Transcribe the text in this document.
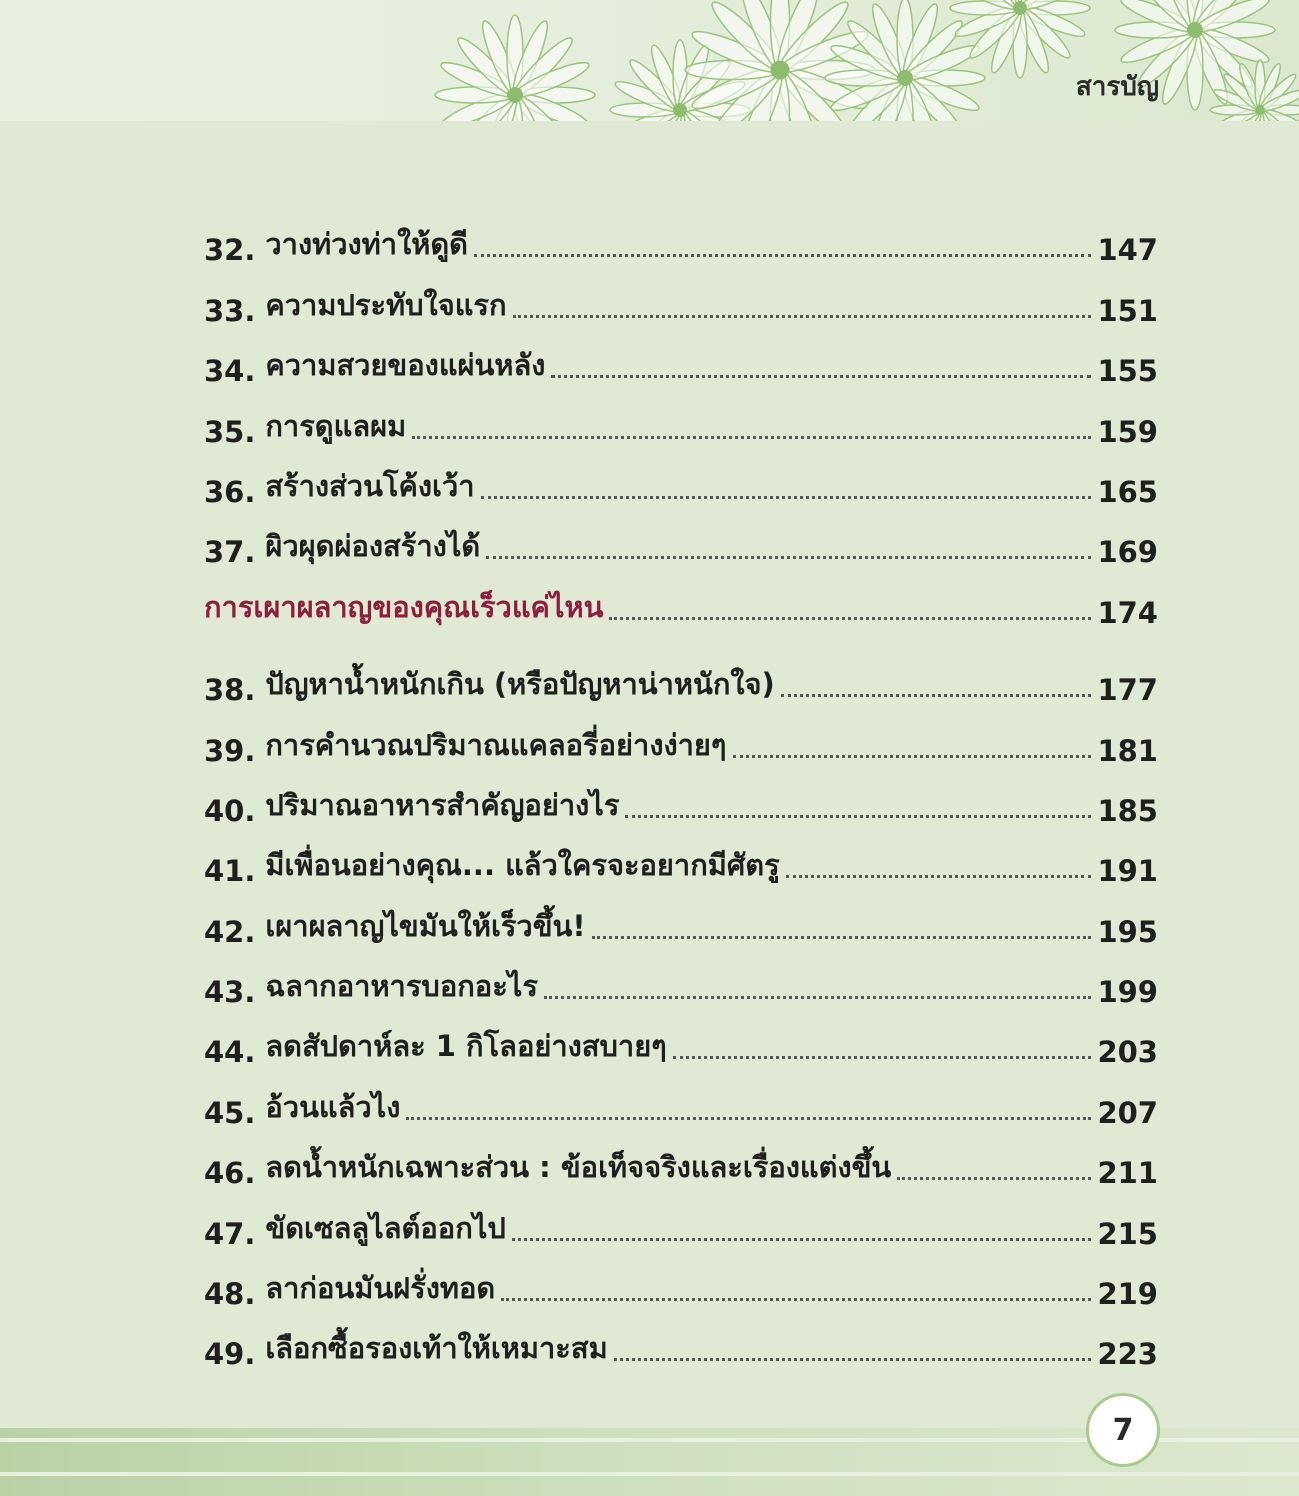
สารบัญ
32. วางท่วงท่าให้ดูดี	147
33. ความประทับใจแรก	151
34. ความสวยของแผ่นหลัง	155
35. การดูแลผม	159
36. สร้างส่วนโค้งเว้า	165
37. ผิวผุดผ่องสร้างได้	169
การเผาผลาญของคุณเร็วแค่ไหน	174
38. ปัญหาน้ำหนักเกิน (หรือปัญหาน่าหนักใจ)	177
39. การคำนวณปริมาณแคลอรี่อย่างง่ายๆ	181
40. ปริมาณอาหารสำคัญอย่างไร	185
41. มีเพื่อนอย่างคุณ... แล้วใครจะอยากมีศัตรู	191
42. เผาผลาญไขมันให้เร็วขึ้น!	195
43. ฉลากอาหารบอกอะไร	199
44. ลดสัปดาห์ละ 1 กิโลอย่างสบายๆ	203
45. อ้วนแล้วไง	207
46. ลดน้ำหนักเฉพาะส่วน : ข้อเท็จจริงและเรื่องแต่งขึ้น	211
47. ขัดเซลลูไลต์ออกไป	215
48. ลาก่อนมันฝรั่งทอด	219
49. เลือกซื้อรองเท้าให้เหมาะสม	223
7
